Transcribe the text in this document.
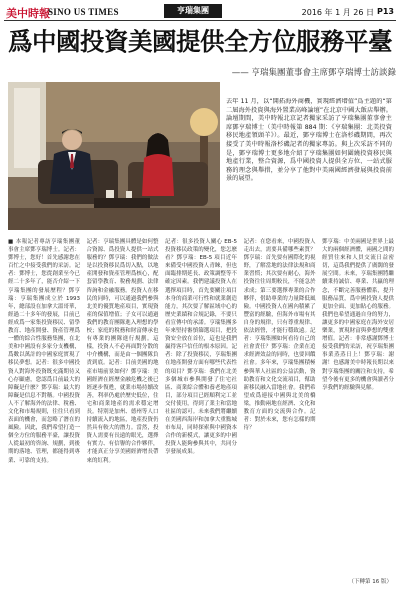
美中時報
SINO US TIMES	亨瑞集團	2016 年 1 月 26 日 P13
爲中國投資美國提供全方位服務平臺
—— 亨瑞集團董事會主席鄧亨瑞博士訪談錄
去年 11 月，以“開拓海外商機，實現經濟增值”爲主題的“第二屆海外投資與海外置業高峰論壇”在北京中國大飯店舉辦。論壇期間，美中時報北京記者獨家采訪了亨瑞集團董事會主席鄧亨瑞博士（美中時報第 884 期：《亨瑞集團：北美投資移民地產領頭羊》）。最近，鄧亨瑞博士在洛杉磯期間，再次接受了美中時報洛杉磯記者的獨家專訪。與上次采訪不同的是，鄧亨瑞博士更多地介紹了亨瑞集團如何圍繞投資移民與地產行業，整合資源，爲中國投資人提供全方位、一站式服務的理念與舉措，並分享了他對中美兩國經濟發展與投資前景的展望。
■ 本報記者專訪亨瑞集團董事會主席鄧亨瑞博士。記者：鄧博士，您好！首先感謝您在百忙之中接受我們的采訪。記者：鄧博士，您從創業至今已經二十多年了，能否介紹一下亨瑞集團的發展歷程？鄧亨瑞：亨瑞集團成立於 1993 年，總部設在加拿大溫哥華，經過二十多年的發展，目前已經成爲一家集投資移民、留學教育、地產開發、資產管理爲一體的綜合性服務集團，在北美和中國設有多家分支機構，爲數以萬計的中國家庭實現了移民夢想。記者：很多中國投資人對海外投資既充滿期待又心存顧慮，您認爲目前最大的障礙是什麽？鄧亨瑞：最大的障礙是信息不對稱。中國投資人不了解海外的法律、稅務、文化和市場規則，往往只看到表面的機會，而忽略了潛在的風險。因此，我們希望打造一個全方位的服務平臺，讓投資人從最初的咨詢、規劃，到後期的落地、管理，都能得到專業、可靠的支持。
記者：亨瑞集團具體是如何整合資源、爲投資人提供一站式服務的？鄧亨瑞：我們的做法是以投資移民爲切入點，以地產開發和資產管理爲核心，配套留學教育、稅務規劃、法律咨詢和金融服務。投資人在移民的同時，可以通過我們參與北美的優質地產項目，實現資產的保值增值；子女可以通過我們的教育團隊進入理想的學校；家庭的稅務和財富傳承也有專業的團隊進行規劃。這樣，投資人不必再面對分散的中介機構，而是由一個團隊負責到底。記者：目前美國的地產市場前景如何？鄧亨瑞：美國經濟在經歷金融危機之後已經逐步復甦，就業市場持續改善，利率仍處於歷史低位，住宅和商業地產的需求穩定增長。特別是加州、德州等人口持續流入的地區，地產投資仍然具有較大的潛力。當然，投資人需要有長遠的眼光，選擇有實力、有信譽的合作夥伴，才能真正分享美國經濟增長帶來的紅利。
記者：很多投資人關心 EB-5 投資移民政策的變化，您怎麽看？鄧亨瑞：EB-5 項目近年來備受中國投資人青睞，但也面臨排期延長、政策調整等不確定因素。我們建議投資人在選擇項目時，首先要關注項目本身的商業可行性和就業創造能力，其次要了解區域中心的歷史業績和合規記錄，不要只看宣傳中的承諾。亨瑞集團多年來堅持審慎篩選項目，把投資安全放在首位，這也是我們贏得客戶信任的根本原因。記者：除了投資移民，亨瑞集團在地產開發方面有哪些代表性的項目？鄧亨瑞：我們在北美多個城市參與開發了住宅社區、商業綜合體和養老地產項目，部分項目已經順利完工並交付使用，得到了業主和當地社區的認可。未來我們將繼續在美國西海岸和加拿大重點城市布局，同時探索與中國資本合作的新模式，讓更多的中國投資人能夠參與其中，共同分享發展成果。
記者：在您看來，中國投資人走出去，需要具備哪些素質？鄧亨瑞：首先要有國際化的視野，了解當地的法律法規和商業習慣；其次要有耐心，海外投資往往周期較長，不能急於求成；第三要選擇專業的合作夥伴，借助專業的力量降低風險。中國投資人在國內積累了豐富的經驗，但海外市場有其自身的規律，只有尊重規律、依法經營，才能行穩致遠。記者：亨瑞集團如何看待自己的社會責任？鄧亨瑞：企業在追求經濟效益的同時，也要回饋社會。多年來，亨瑞集團積極參與華人社區的公益活動，資助教育和文化交流項目，幫助新移民融入當地社會。我們希望成爲連接中國與北美的橋梁，推動兩地在經濟、文化和教育方面的交流與合作。記者：對於未來，您有怎樣的期待？
鄧亨瑞：中美兩國是世界上最大的兩個經濟體，兩國之間的經貿往來和人員交流日益密切，這爲我們提供了廣闊的發展空間。未來，亨瑞集團將繼續秉持誠信、專業、共贏的理念，不斷完善服務體系，提升服務品質，爲中國投資人提供更加全面、更加貼心的服務。我們也希望通過自身的努力，讓更多的中國家庭在海外安居樂業，實現財富與夢想的雙重增值。記者：非常感謝鄧博士接受我們的采訪，祝亨瑞集團事業蒸蒸日上！鄧亨瑞：謝謝！也感謝美中時報長期以來對亨瑞集團的關注和支持，希望今後有更多的機會與讀者分享我們的經驗與見解。
（下轉第 16 版）
